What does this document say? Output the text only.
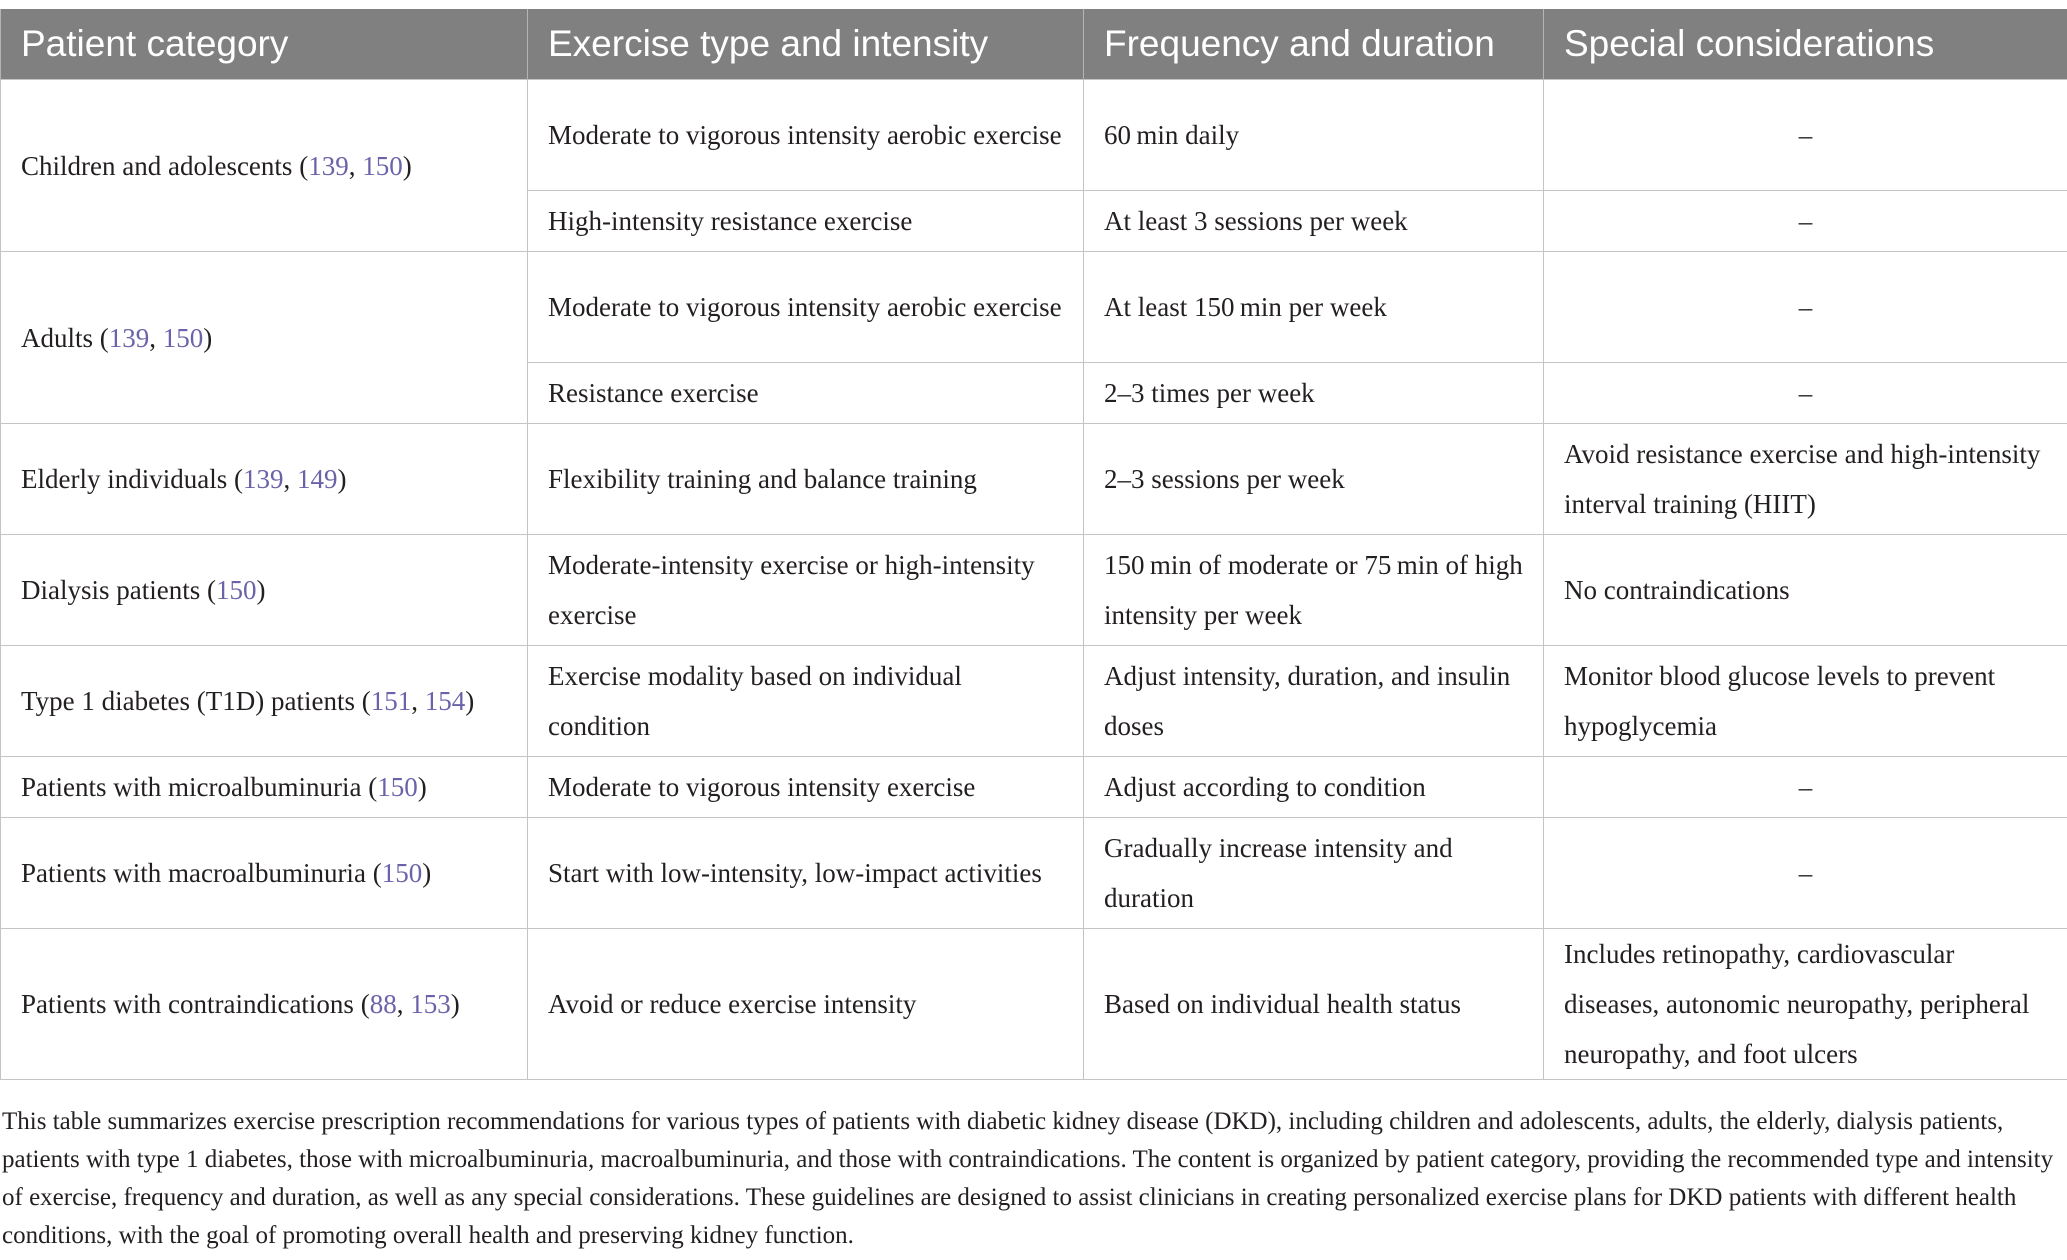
Patient category	Exercise type and intensity	Frequency and duration	Special considerations
Children and adolescents (139, 150)	Moderate to vigorous intensity aerobic exercise	60 min daily	–
	High-intensity resistance exercise	At least 3 sessions per week	–
Adults (139, 150)	Moderate to vigorous intensity aerobic exercise	At least 150 min per week	–
	Resistance exercise	2–3 times per week	–
Elderly individuals (139, 149)	Flexibility training and balance training	2–3 sessions per week	Avoid resistance exercise and high-intensity interval training (HIIT)
Dialysis patients (150)	Moderate-intensity exercise or high-intensity exercise	150 min of moderate or 75 min of high intensity per week	No contraindications
Type 1 diabetes (T1D) patients (151, 154)	Exercise modality based on individual condition	Adjust intensity, duration, and insulin doses	Monitor blood glucose levels to prevent hypoglycemia
Patients with microalbuminuria (150)	Moderate to vigorous intensity exercise	Adjust according to condition	–
Patients with macroalbuminuria (150)	Start with low-intensity, low-impact activities	Gradually increase intensity and duration	–
Patients with contraindications (88, 153)	Avoid or reduce exercise intensity	Based on individual health status	Includes retinopathy, cardiovascular diseases, autonomic neuropathy, peripheral neuropathy, and foot ulcers
This table summarizes exercise prescription recommendations for various types of patients with diabetic kidney disease (DKD), including children and adolescents, adults, the elderly, dialysis patients, patients with type 1 diabetes, those with microalbuminuria, macroalbuminuria, and those with contraindications. The content is organized by patient category, providing the recommended type and intensity of exercise, frequency and duration, as well as any special considerations. These guidelines are designed to assist clinicians in creating personalized exercise plans for DKD patients with different health conditions, with the goal of promoting overall health and preserving kidney function.
